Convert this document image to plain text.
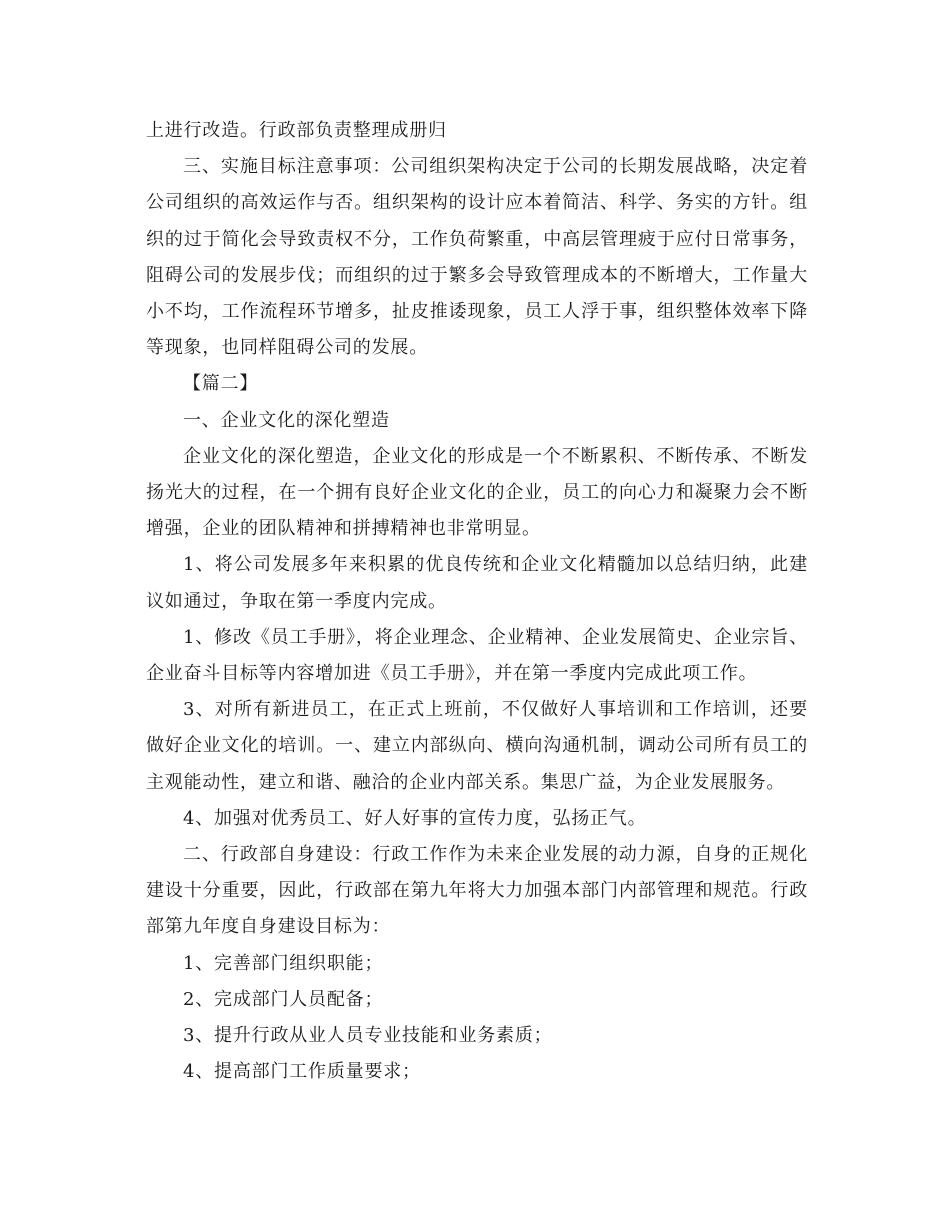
上进行改造。行政部负责整理成册归

三、实施目标注意事项：公司组织架构决定于公司的长期发展战略，决定着公司组织的高效运作与否。组织架构的设计应本着简洁、科学、务实的方针。组织的过于简化会导致责权不分，工作负荷繁重，中高层管理疲于应付日常事务，阻碍公司的发展步伐；而组织的过于繁多会导致管理成本的不断增大，工作量大小不均，工作流程环节增多，扯皮推诿现象，员工人浮于事，组织整体效率下降等现象，也同样阻碍公司的发展。

【篇二】

一、企业文化的深化塑造

企业文化的深化塑造，企业文化的形成是一个不断累积、不断传承、不断发扬光大的过程，在一个拥有良好企业文化的企业，员工的向心力和凝聚力会不断增强，企业的团队精神和拼搏精神也非常明显。

1、将公司发展多年来积累的优良传统和企业文化精髓加以总结归纳，此建议如通过，争取在第一季度内完成。

1、修改《员工手册》，将企业理念、企业精神、企业发展简史、企业宗旨、企业奋斗目标等内容增加进《员工手册》，并在第一季度内完成此项工作。

3、对所有新进员工，在正式上班前，不仅做好人事培训和工作培训，还要做好企业文化的培训。一、建立内部纵向、横向沟通机制，调动公司所有员工的主观能动性，建立和谐、融洽的企业内部关系。集思广益，为企业发展服务。

4、加强对优秀员工、好人好事的宣传力度，弘扬正气。

二、行政部自身建设：行政工作作为未来企业发展的动力源，自身的正规化建设十分重要，因此，行政部在第九年将大力加强本部门内部管理和规范。行政部第九年度自身建设目标为：

1、完善部门组织职能；

2、完成部门人员配备；

3、提升行政从业人员专业技能和业务素质；

4、提高部门工作质量要求；
